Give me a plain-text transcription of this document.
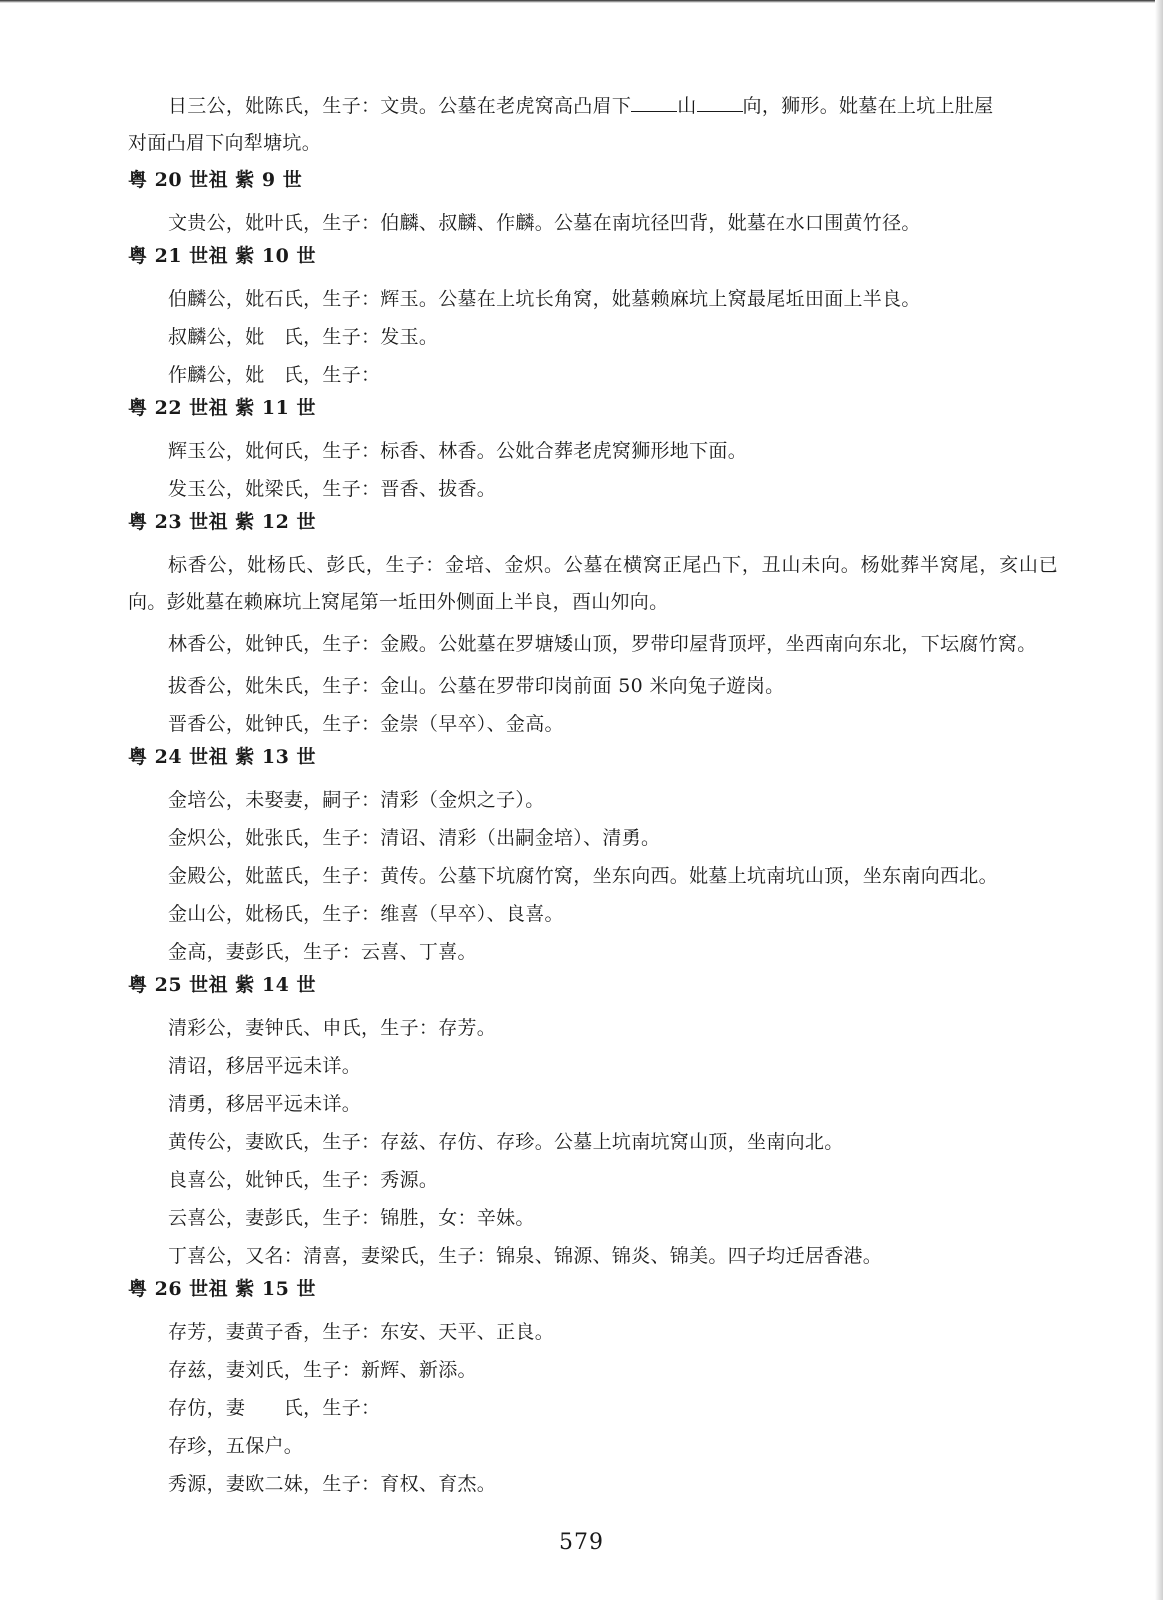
日三公，妣陈氏，生子：文贵。公墓在老虎窝高凸眉下 山 向，狮形。妣墓在上坑上肚屋
对面凸眉下向犁塘坑。

粤 20 世祖 紫 9 世

文贵公，妣叶氏，生子：伯麟、叔麟、作麟。公墓在南坑径凹背，妣墓在水口围黄竹径。

粤 21 世祖 紫 10 世

伯麟公，妣石氏，生子：辉玉。公墓在上坑长角窝，妣墓赖麻坑上窝最尾坵田面上半良。

叔麟公，妣　氏，生子：发玉。

作麟公，妣　氏，生子：

粤 22 世祖 紫 11 世

辉玉公，妣何氏，生子：标香、林香。公妣合葬老虎窝狮形地下面。

发玉公，妣梁氏，生子：晋香、拔香。

粤 23 世祖 紫 12 世

标香公，妣杨氏、彭氏，生子：金培、金炽。公墓在横窝正尾凸下，丑山未向。杨妣葬半窝尾，亥山已向。彭妣墓在赖麻坑上窝尾第一坵田外侧面上半良，酉山夘向。

林香公，妣钟氏，生子：金殿。公妣墓在罗塘矮山顶，罗带印屋背顶坪，坐西南向东北，下坛腐竹窝。

拔香公，妣朱氏，生子：金山。公墓在罗带印岗前面 50 米向兔子遊岗。

晋香公，妣钟氏，生子：金崇（早卒）、金高。

粤 24 世祖 紫 13 世

金培公，未娶妻，嗣子：清彩（金炽之子）。

金炽公，妣张氏，生子：清诏、清彩（出嗣金培）、清勇。

金殿公，妣蓝氏，生子：黄传。公墓下坑腐竹窝，坐东向西。妣墓上坑南坑山顶，坐东南向西北。

金山公，妣杨氏，生子：维喜（早卒）、良喜。

金高，妻彭氏，生子：云喜、丁喜。

粤 25 世祖 紫 14 世

清彩公，妻钟氏、申氏，生子：存芳。

清诏，移居平远未详。

清勇，移居平远未详。

黄传公，妻欧氏，生子：存兹、存仿、存珍。公墓上坑南坑窝山顶，坐南向北。

良喜公，妣钟氏，生子：秀源。

云喜公，妻彭氏，生子：锦胜，女：辛妹。

丁喜公，又名：清喜，妻梁氏，生子：锦泉、锦源、锦炎、锦美。四子均迁居香港。

粤 26 世祖 紫 15 世

存芳，妻黄子香，生子：东安、天平、正良。

存兹，妻刘氏，生子：新辉、新添。

存仿，妻　　氏，生子：

存珍，五保户。

秀源，妻欧二妹，生子：育权、育杰。

579
